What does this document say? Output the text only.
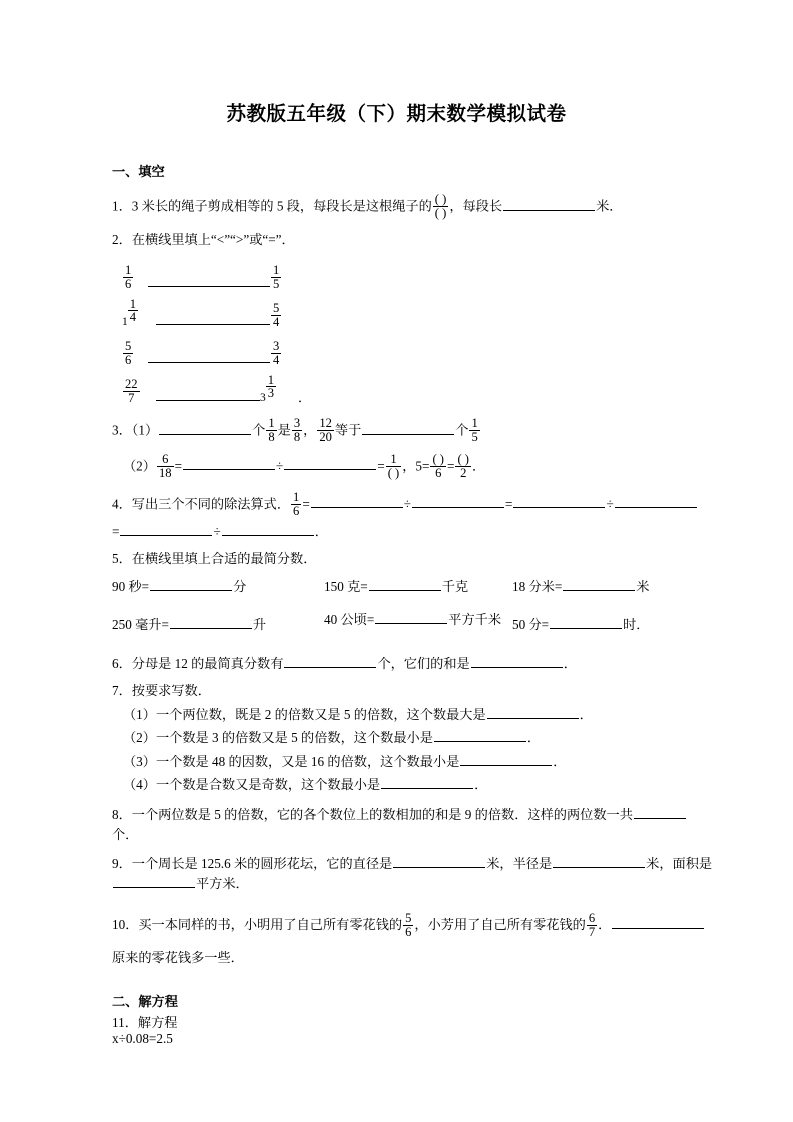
苏教版五年级（下）期末数学模拟试卷
一、填空
1．3 米长的绳子剪成相等的 5 段，每段长是这根绳子的 $\frac{( )}{( )}$ ，每段长	米．
2．在横线里填上“<”“>”或“=”．
$\frac{1}{6}$	$\frac{1}{5}$
$1 \frac{1}{4}$	$\frac{5}{4}$
$\frac{5}{6}$	$\frac{3}{4}$
$\frac{22}{7}$	$3 \frac{1}{3}$ ．
3．（1）	个 $\frac{1}{8}$ 是 $\frac{3}{8}$ ， $\frac{12}{20}$ 等于	个 $\frac{1}{5}$
$(2) \frac{6}{18}$ =	÷	= $\frac{1}{( )}$ ，$5= \frac{( )}{6} = \frac{( )}{2}$ ．
4．写出三个不同的除法算式． $\frac{1}{6}$ =	÷	=	÷
=	÷	．
5．在横线里填上合适的最简分数．
90 秒= 分	150 克= 千克	18 分米= 米
250 毫升= 升	40 公顷= 平方千米	50 分= 时．
6．分母是 12 的最简真分数有	个，它们的和是	．
7．按要求写数．
（1）一个两位数，既是 2 的倍数又是 5 的倍数，这个数最大是	．
（2）一个数是 3 的倍数又是 5 的倍数，这个数最小是	．
（3）一个数是 48 的因数，又是 16 的倍数，这个数最小是	．
（4）一个数是合数又是奇数，这个数最小是	．
8．一个两位数是 5 的倍数，它的各个数位上的数相加的和是 9 的倍数．这样的两位数一共个．
9．一个周长是 125.6 米的圆形花坛，它的直径是	米，半径是	米，面积是平方米．
10．买一本同样的书，小明用了自己所有零花钱的 $\frac{5}{6}$ ，小芳用了自己所有零花钱的 $\frac{6}{7}$ ．原来的零花钱多一些．
二、解方程
11．解方程
x÷0.08=2.5
